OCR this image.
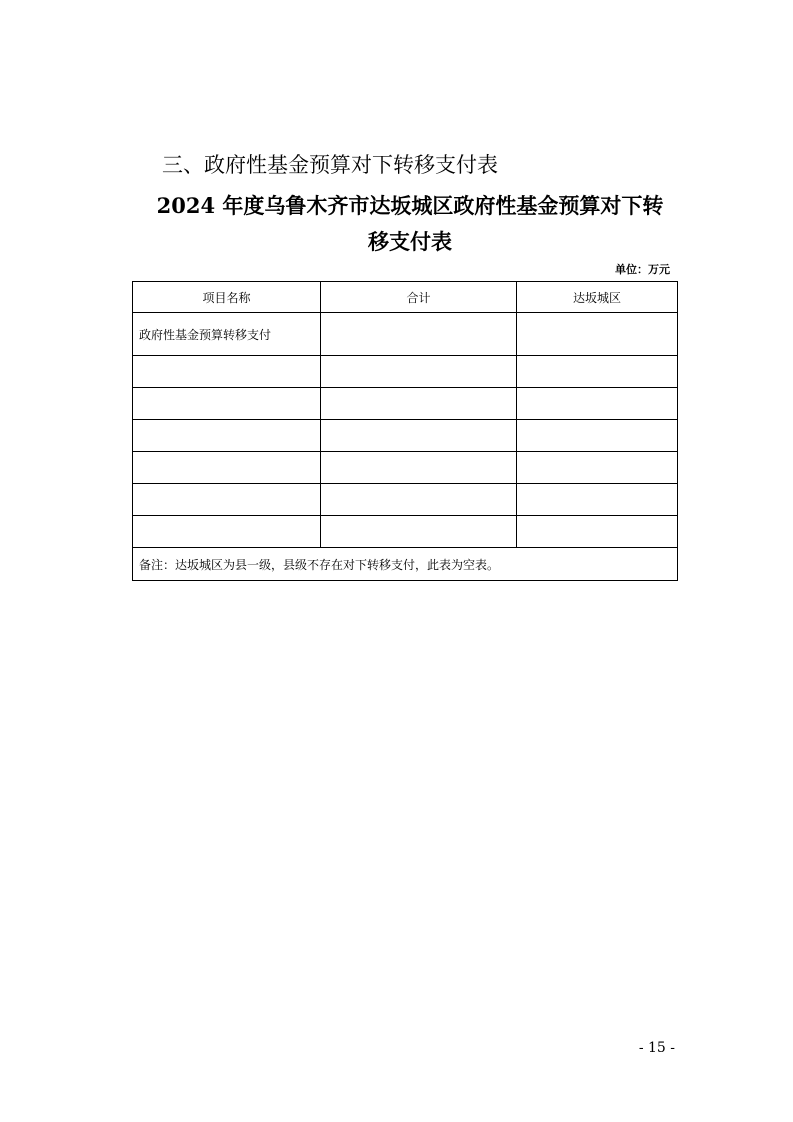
三、政府性基金预算对下转移支付表
2024 年度乌鲁木齐市达坂城区政府性基金预算对下转
移支付表
单位：万元
项目名称	合计	达坂城区
政府性基金预算转移支付		

备注：达坂城区为县一级，县级不存在对下转移支付，此表为空表。		
- 15 -
